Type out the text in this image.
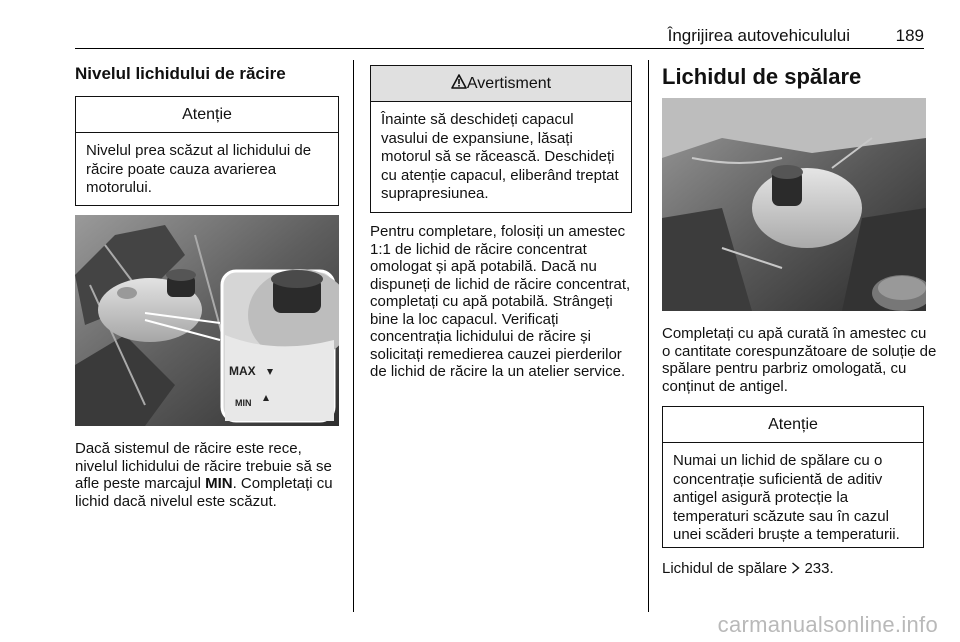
Îngrijirea autovehiculului	189
Nivelul lichidului de răcire
Atenție
Nivelul prea scăzut al lichidului de răcire poate cauza avarierea motorului.
MAX
MIN
Dacă sistemul de răcire este rece, nivelul lichidului de răcire trebuie să se afle peste marcajul MIN. Completați cu lichid dacă nivelul este scăzut.
Avertisment
Înainte să deschideți capacul vasului de expansiune, lăsați motorul să se răcească. Deschideți cu atenție capacul, eliberând treptat suprapresiunea.
Pentru completare, folosiți un amestec 1:1 de lichid de răcire concentrat omologat și apă potabilă. Dacă nu dispuneți de lichid de răcire concentrat, completați cu apă potabilă. Strângeți bine la loc capacul. Verificați concentrația lichidului de răcire și solicitați remedierea cauzei pierderilor de lichid de răcire la un atelier service.
Lichidul de spălare
Completați cu apă curată în amestec cu o cantitate corespunzătoare de soluție de spălare pentru parbriz omologată, cu conținut de antigel.
Atenție
Numai un lichid de spălare cu o concentrație suficientă de aditiv antigel asigură protecție la temperaturi scăzute sau în cazul unei scăderi bruște a temperaturii.
Lichidul de spălare 233.
carmanualsonline.info
